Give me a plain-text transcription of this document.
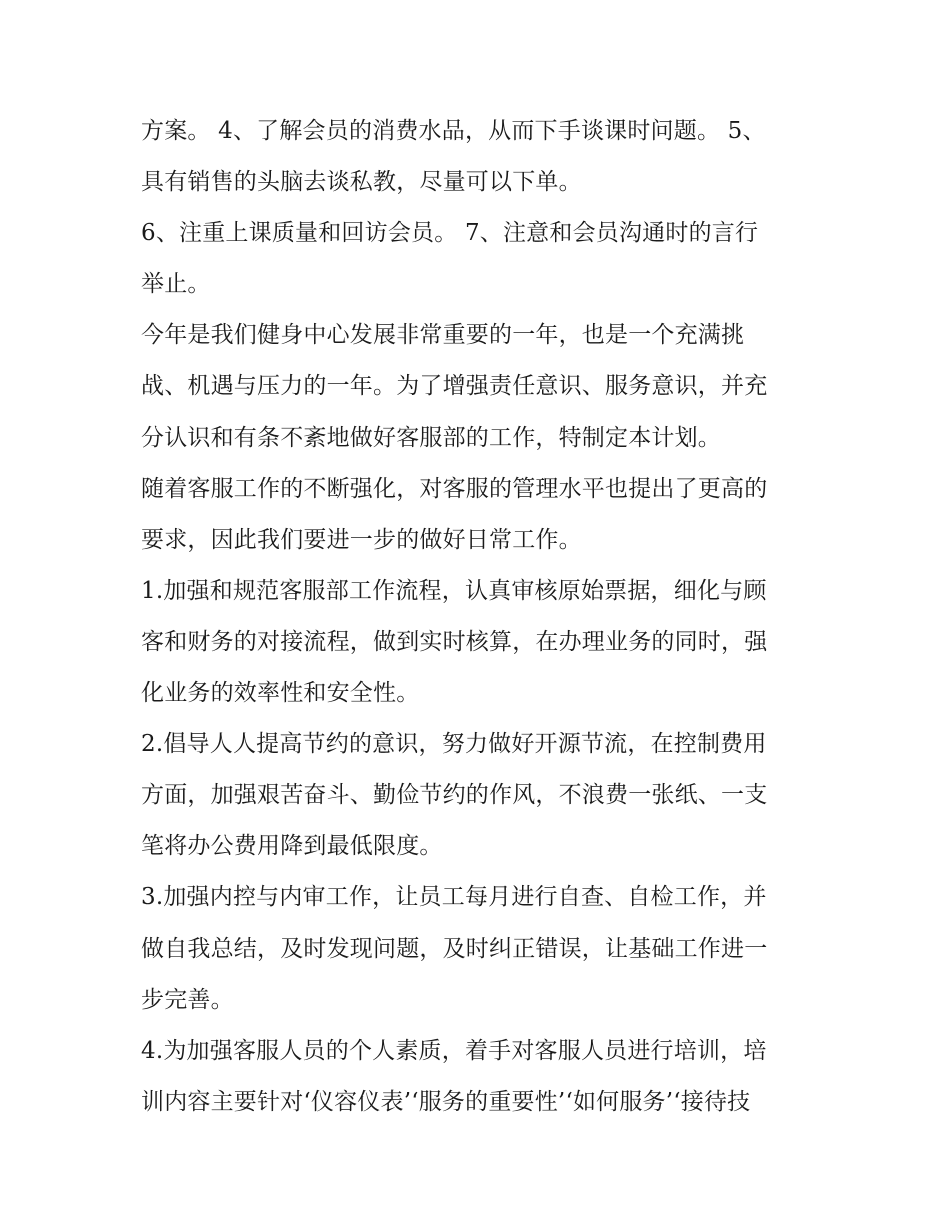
方案。 4、了解会员的消费水品，从而下手谈课时问题。 5、
具有销售的头脑去谈私教，尽量可以下单。
6、注重上课质量和回访会员。 7、注意和会员沟通时的言行
举止。
今年是我们健身中心发展非常重要的一年，也是一个充满挑
战、机遇与压力的一年。为了增强责任意识、服务意识，并充
分认识和有条不紊地做好客服部的工作，特制定本计划。
随着客服工作的不断强化，对客服的管理水平也提出了更高的
要求，因此我们要进一步的做好日常工作。
1.加强和规范客服部工作流程，认真审核原始票据，细化与顾
客和财务的对接流程，做到实时核算，在办理业务的同时，强
化业务的效率性和安全性。
2.倡导人人提高节约的意识，努力做好开源节流，在控制费用
方面，加强艰苦奋斗、勤俭节约的作风，不浪费一张纸、一支
笔将办公费用降到最低限度。
3.加强内控与内审工作，让员工每月进行自查、自检工作，并
做自我总结，及时发现问题，及时纠正错误，让基础工作进一
步完善。
4.为加强客服人员的个人素质，着手对客服人员进行培训，培
训内容主要针对‘仪容仪表’‘服务的重要性’‘如何服务’‘接待技
